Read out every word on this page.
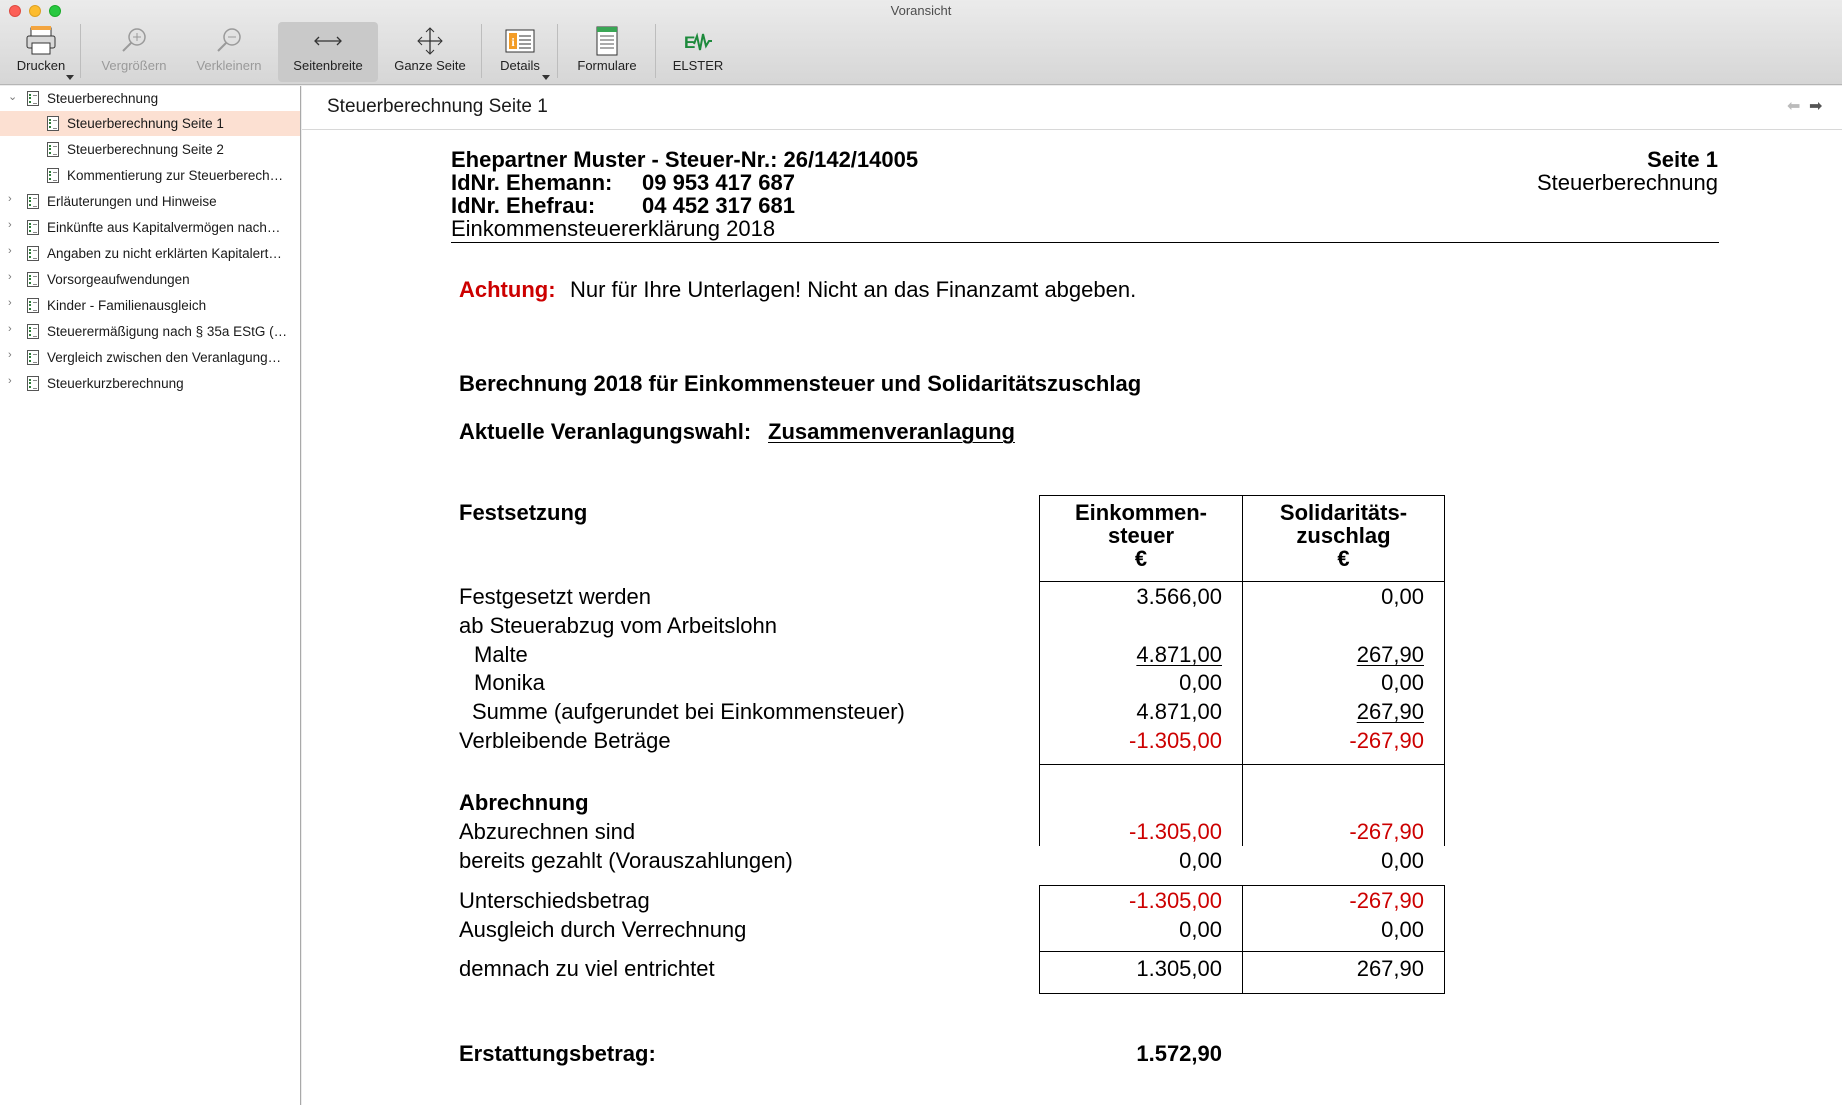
Voransicht
Drucken	Vergrößern	Verkleinern	Seitenbreite	Ganze Seite
i
Details	Formulare
E
ELSTER
⌄ Steuerberechnung
Steuerberechnung Seite 1
Steuerberechnung Seite 2
Kommentierung zur Steuerberech…
›	Erläuterungen und Hinweise
›	Einkünfte aus Kapitalvermögen nach…
›	Angaben zu nicht erklärten Kapitalert…
›	Vorsorgeaufwendungen
›	Kinder - Familienausgleich
›	Steuerermäßigung nach § 35a EStG (…
›	Vergleich zwischen den Veranlagung…
›	Steuerkurzberechnung
Steuerberechnung Seite 1	⬅ ➡
Ehepartner Muster - Steuer-Nr.: 26/142/14005
IdNr. Ehemann: 09 953 417 687
IdNr. Ehefrau: 04 452 317 681
Einkommensteuererklärung 2018
Seite 1
Steuerberechnung
Achtung: Nur für Ihre Unterlagen! Nicht an das Finanzamt abgeben.
Berechnung 2018 für Einkommensteuer und Solidaritätszuschlag
Aktuelle Veranlagungswahl: Zusammenveranlagung
Einkommen-
steuer
€
Solidaritäts-
zuschlag
€
Festsetzung
Festgesetzt werden	3.566,00	0,00
ab Steuerabzug vom Arbeitslohn
Malte	4.871,00	267,90
Monika	0,00	0,00
Summe (aufgerundet bei Einkommensteuer)	4.871,00	267,90
Verbleibende Beträge	-1.305,00	-267,90
Abrechnung
Abzurechnen sind	-1.305,00	-267,90
bereits gezahlt (Vorauszahlungen)	0,00	0,00
Unterschiedsbetrag	-1.305,00	-267,90
Ausgleich durch Verrechnung	0,00	0,00
demnach zu viel entrichtet	1.305,00	267,90
Erstattungsbetrag:	1.572,90
